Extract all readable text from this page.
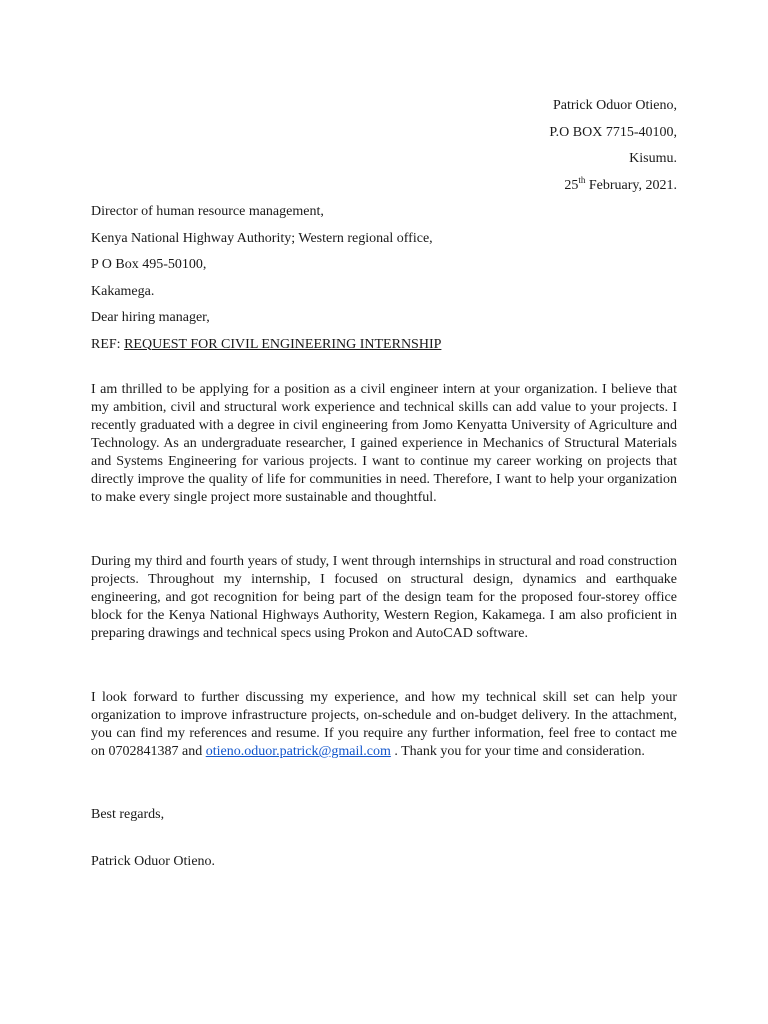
Patrick Oduor Otieno,
P.O BOX 7715-40100,
Kisumu.
25th February, 2021.
Director of human resource management,
Kenya National Highway Authority; Western regional office,
P O Box 495-50100,
Kakamega.
Dear hiring manager,
REF: REQUEST FOR CIVIL ENGINEERING INTERNSHIP
I am thrilled to be applying for a position as a civil engineer intern at your organization. I believe that my ambition, civil and structural work experience and technical skills can add value to your projects. I recently graduated with a degree in civil engineering from Jomo Kenyatta University of Agriculture and Technology. As an undergraduate researcher, I gained experience in Mechanics of Structural Materials and Systems Engineering for various projects. I want to continue my career working on projects that directly improve the quality of life for communities in need. Therefore, I want to help your organization to make every single project more sustainable and thoughtful.
During my third and fourth years of study, I went through internships in structural and road construction projects. Throughout my internship, I focused on structural design, dynamics and earthquake engineering, and got recognition for being part of the design team for the proposed four-storey office block for the Kenya National Highways Authority, Western Region, Kakamega. I am also proficient in preparing drawings and technical specs using Prokon and AutoCAD software.
I look forward to further discussing my experience, and how my technical skill set can help your organization to improve infrastructure projects, on-schedule and on-budget delivery. In the attachment, you can find my references and resume. If you require any further information, feel free to contact me on 0702841387 and otieno.oduor.patrick@gmail.com . Thank you for your time and consideration.
Best regards,
Patrick Oduor Otieno.
